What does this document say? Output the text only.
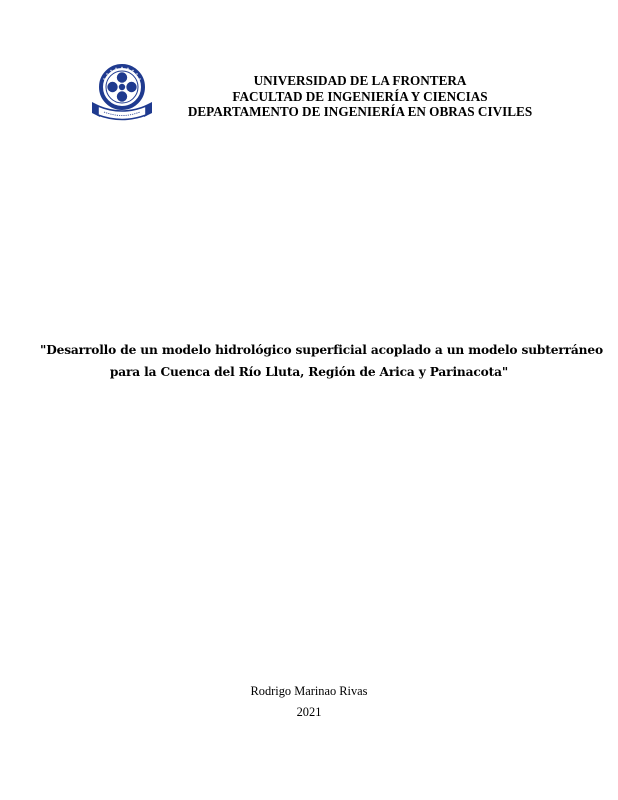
UNIVERSIDAD DE LA FRONTERA
FACULTAD DE INGENIERÍA Y CIENCIAS
DEPARTAMENTO DE INGENIERÍA EN OBRAS CIVILES
"Desarrollo de un modelo hidrológico superficial acoplado a un modelo subterráneo
para la Cuenca del Río Lluta, Región de Arica y Parinacota"
Rodrigo Marinao Rivas
2021
